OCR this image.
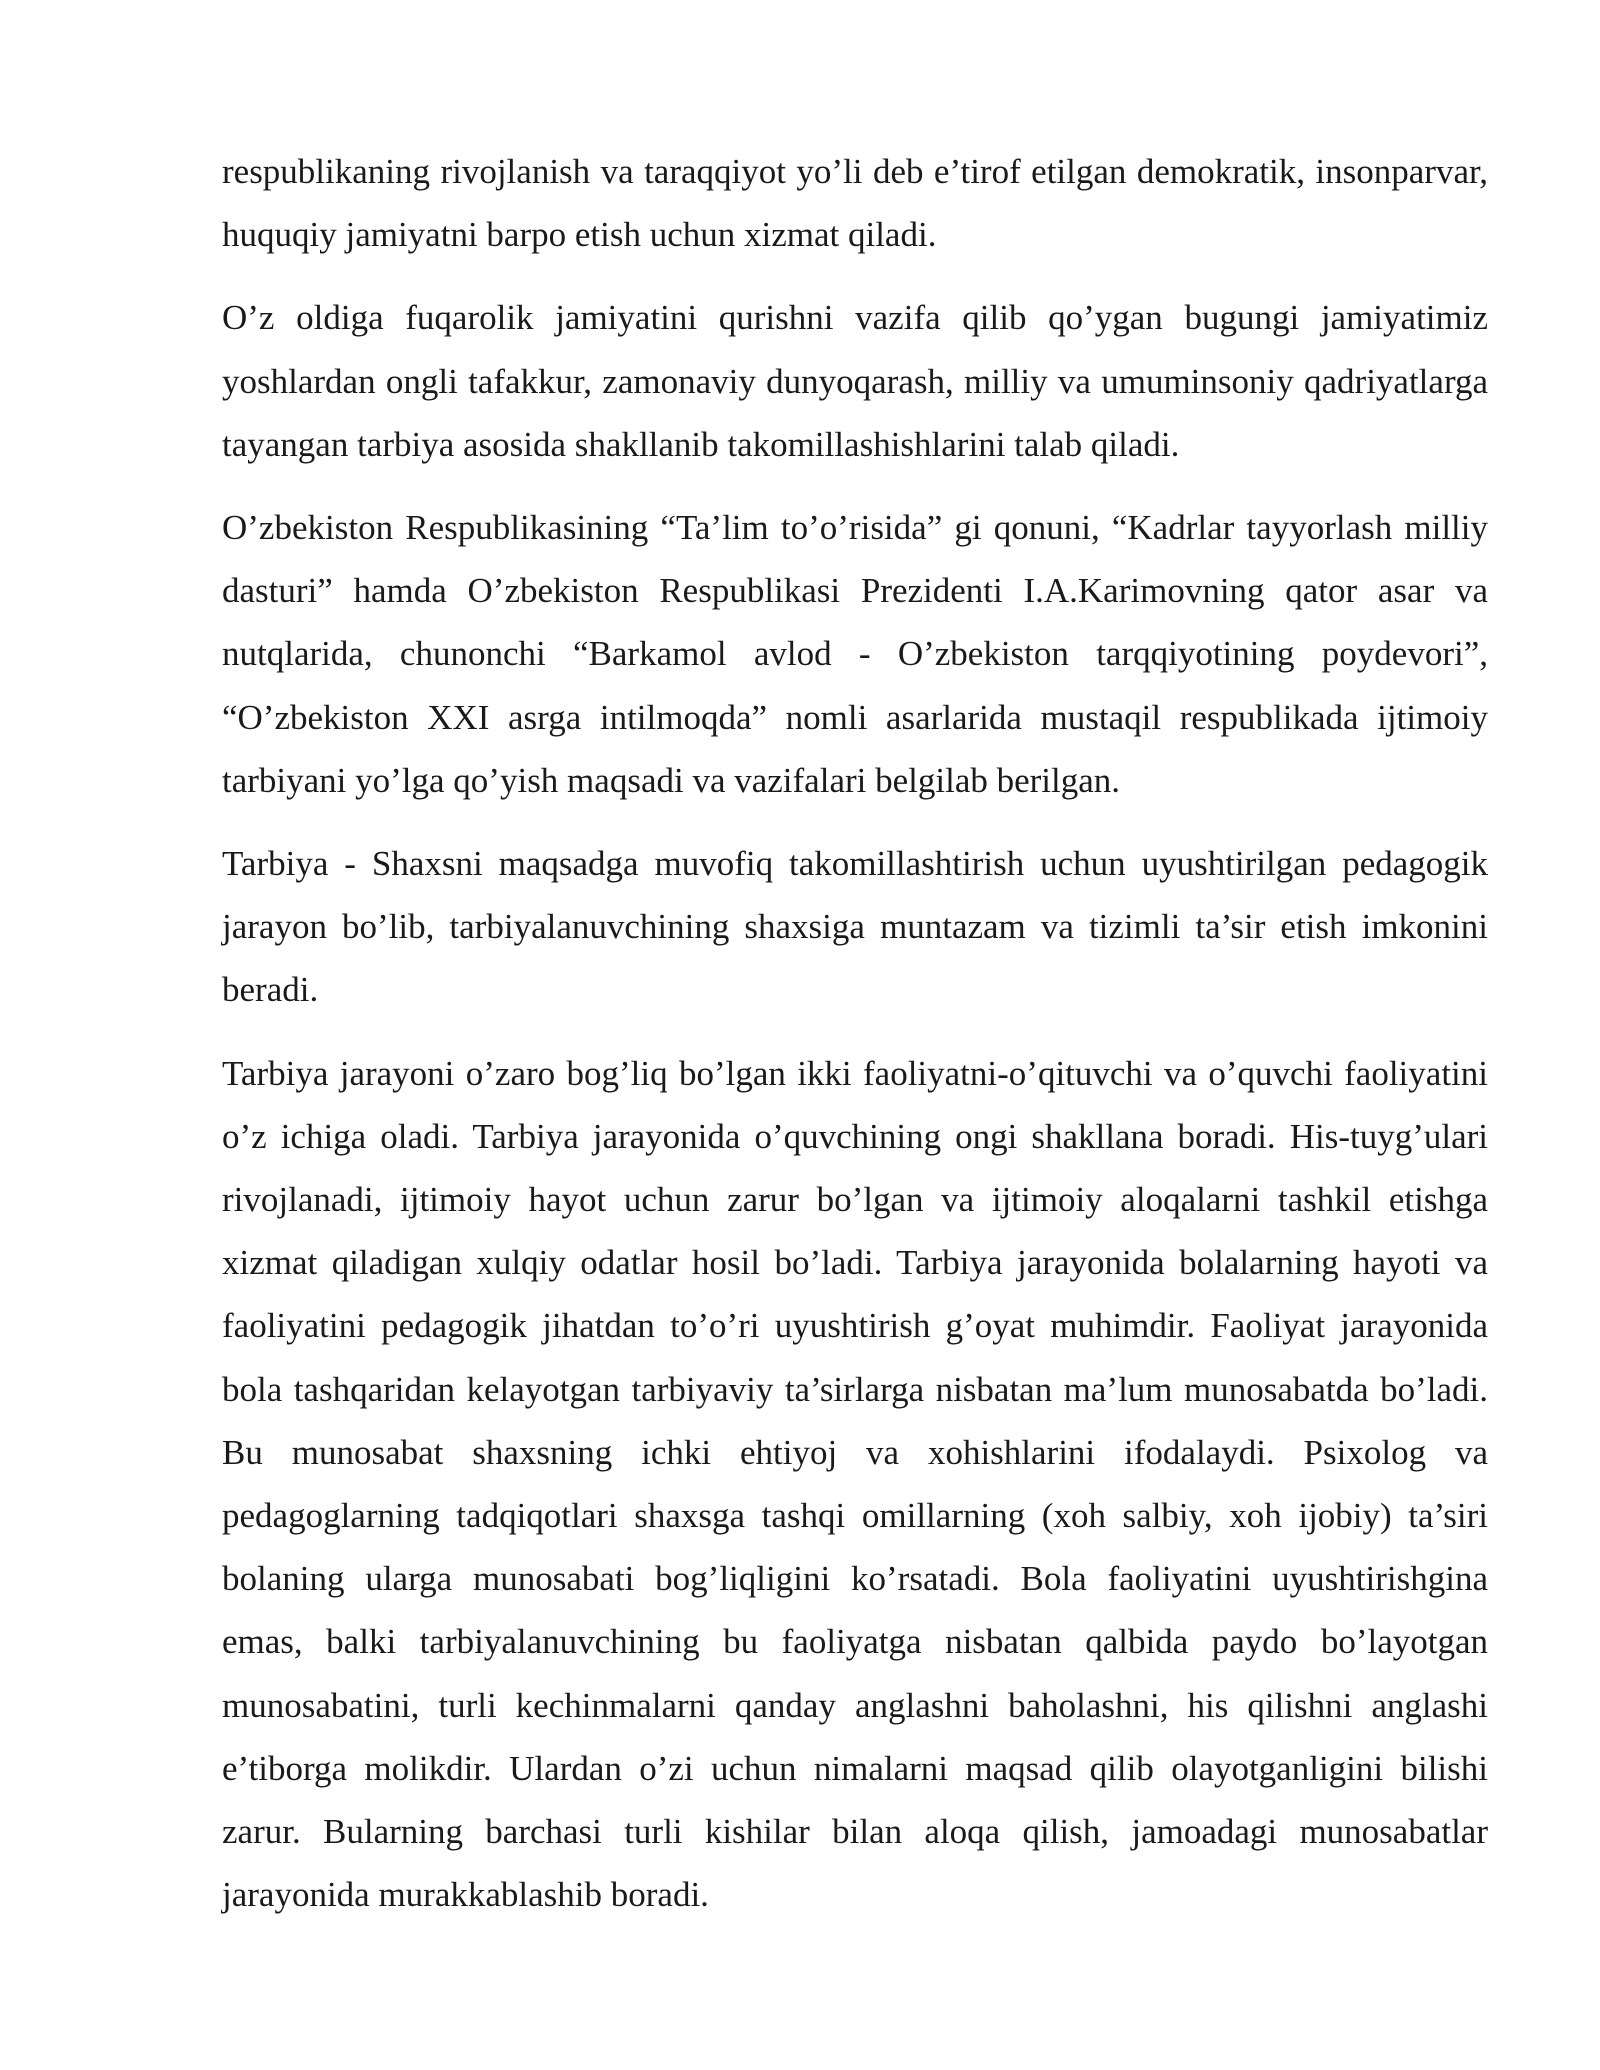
respublikaning rivojlanish va taraqqiyot yo’li deb e’tirof etilgan demokratik, insonparvar, huquqiy jamiyatni barpo etish uchun xizmat qiladi.

O’z oldiga fuqarolik jamiyatini qurishni vazifa qilib qo’ygan bugungi jamiyatimiz yoshlardan ongli tafakkur, zamonaviy dunyoqarash, milliy va umuminsoniy qadriyatlarga tayangan tarbiya asosida shakllanib takomillashishlarini talab qiladi.

O’zbekiston Respublikasining “Ta’lim to’o’risida” gi qonuni, “Kadrlar tayyorlash milliy dasturi” hamda O’zbekiston Respublikasi Prezidenti I.A.Karimovning qator asar va nutqlarida, chunonchi “Barkamol avlod - O’zbekiston tarqqiyotining poydevori”, “O’zbekiston XXI asrga intilmoqda” nomli asarlarida mustaqil respublikada ijtimoiy tarbiyani yo’lga qo’yish maqsadi va vazifalari belgilab berilgan.

Tarbiya - Shaxsni maqsadga muvofiq takomillashtirish uchun uyushtirilgan pedagogik jarayon bo’lib, tarbiyalanuvchining shaxsiga muntazam va tizimli ta’sir etish imkonini beradi.

Tarbiya jarayoni o’zaro bog’liq bo’lgan ikki faoliyatni-o’qituvchi va o’quvchi faoliyatini o’z ichiga oladi. Tarbiya jarayonida o’quvchining ongi shakllana boradi. His-tuyg’ulari rivojlanadi, ijtimoiy hayot uchun zarur bo’lgan va ijtimoiy aloqalarni tashkil etishga xizmat qiladigan xulqiy odatlar hosil bo’ladi. Tarbiya jarayonida bolalarning hayoti va faoliyatini pedagogik jihatdan to’o’ri uyushtirish g’oyat muhimdir. Faoliyat jarayonida bola tashqaridan kelayotgan tarbiyaviy ta’sirlarga nisbatan ma’lum munosabatda bo’ladi. Bu munosabat shaxsning ichki ehtiyoj va xohishlarini ifodalaydi. Psixolog va pedagoglarning tadqiqotlari shaxsga tashqi omillarning (xoh salbiy, xoh ijobiy) ta’siri bolaning ularga munosabati bog’liqligini ko’rsatadi. Bola faoliyatini uyushtirishgina emas, balki tarbiyalanuvchining bu faoliyatga nisbatan qalbida paydo bo’layotgan munosabatini, turli kechinmalarni qanday anglashni baholashni, his qilishni anglashi e’tiborga molikdir. Ulardan o’zi uchun nimalarni maqsad qilib olayotganligini bilishi zarur. Bularning barchasi turli kishilar bilan aloqa qilish, jamoadagi munosabatlar jarayonida murakkablashib boradi.
